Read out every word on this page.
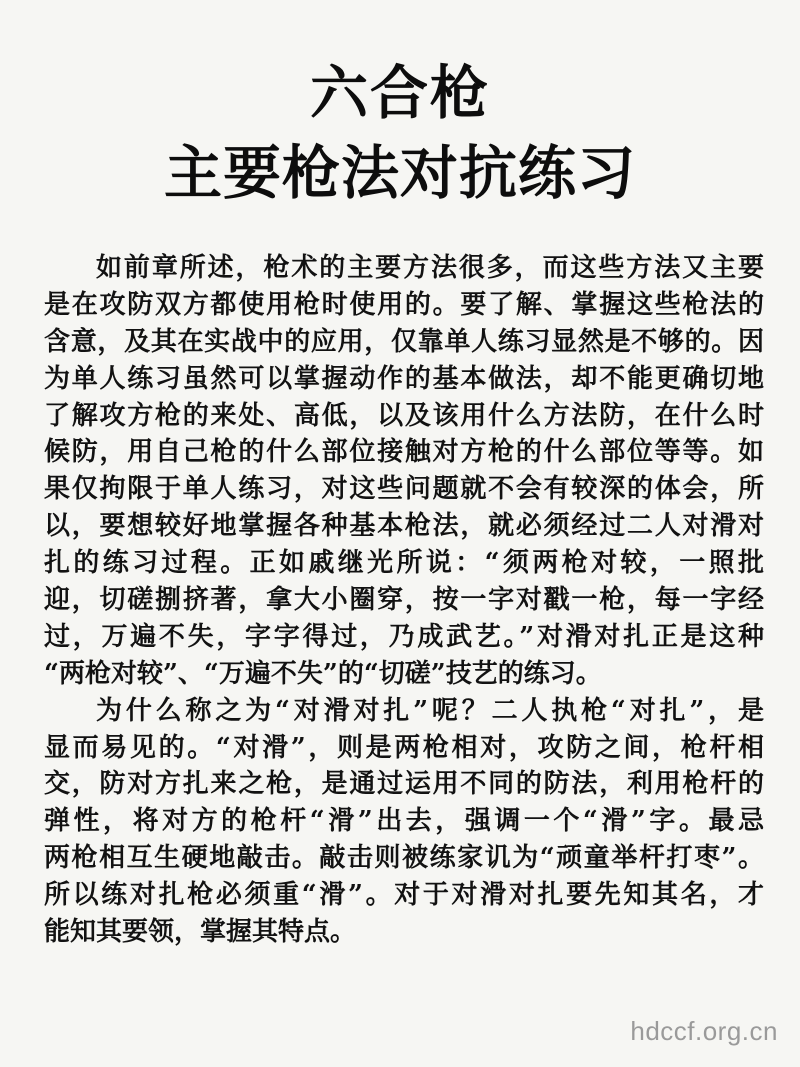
六合枪
主要枪法对抗练习
如前章所述，枪术的主要方法很多，而这些方法又主要
是在攻防双方都使用枪时使用的。要了解、掌握这些枪法的
含意，及其在实战中的应用，仅靠单人练习显然是不够的。因
为单人练习虽然可以掌握动作的基本做法，却不能更确切地
了解攻方枪的来处、高低，以及该用什么方法防，在什么时
候防，用自己枪的什么部位接触对方枪的什么部位等等。如
果仅拘限于单人练习，对这些问题就不会有较深的体会，所
以，要想较好地掌握各种基本枪法，就必须经过二人对滑对
扎的练习过程。正如戚继光所说：“须两枪对较，一照批
迎，切磋捌挤著，拿大小圈穿，按一字对戳一枪，每一字经
过，万遍不失，字字得过，乃成武艺。”对滑对扎正是这种
“两枪对较”、“万遍不失”的“切磋”技艺的练习。
为什么称之为“对滑对扎”呢？二人执枪“对扎”，是
显而易见的。“对滑”，则是两枪相对，攻防之间，枪杆相
交，防对方扎来之枪，是通过运用不同的防法，利用枪杆的
弹性，将对方的枪杆“滑”出去，强调一个“滑”字。最忌
两枪相互生硬地敲击。敲击则被练家讥为“顽童举杆打枣”。
所以练对扎枪必须重“滑”。对于对滑对扎要先知其名，才
能知其要领，掌握其特点。
hdccf.org.cn
